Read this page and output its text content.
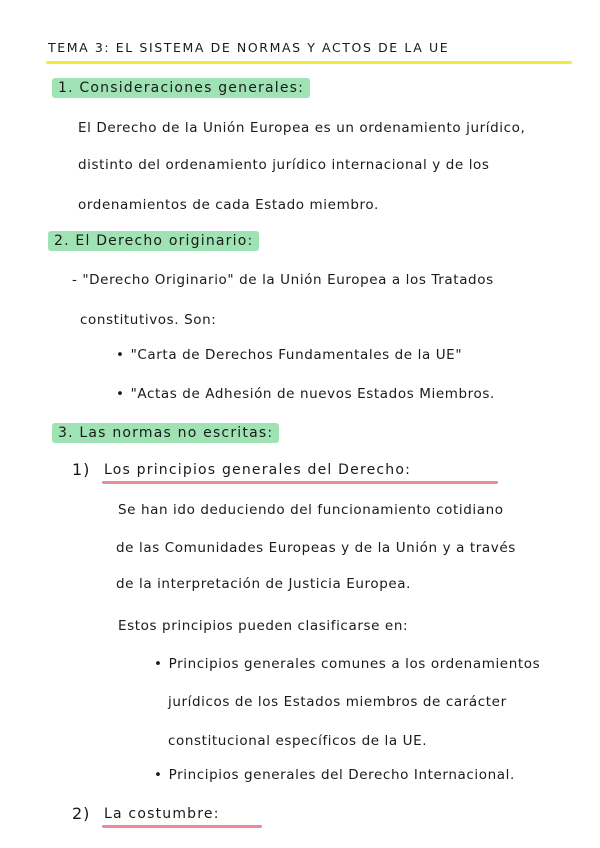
TEMA 3: EL SISTEMA DE NORMAS Y ACTOS DE LA UE
1. Consideraciones generales:
El Derecho de la Unión Europea es un ordenamiento jurídico,
distinto del ordenamiento jurídico internacional y de los
ordenamientos de cada Estado miembro.
2. El Derecho originario:
- "Derecho Originario" de la Unión Europea a los Tratados
constitutivos. Son:
• "Carta de Derechos Fundamentales de la UE"
• "Actas de Adhesión de nuevos Estados Miembros.
3. Las normas no escritas:
1) Los principios generales del Derecho:
Se han ido deduciendo del funcionamiento cotidiano
de las Comunidades Europeas y de la Unión y a través
de la interpretación de Justicia Europea.
Estos principios pueden clasificarse en:
• Principios generales comunes a los ordenamientos
jurídicos de los Estados miembros de carácter
constitucional específicos de la UE.
• Principios generales del Derecho Internacional.
2) La costumbre:
